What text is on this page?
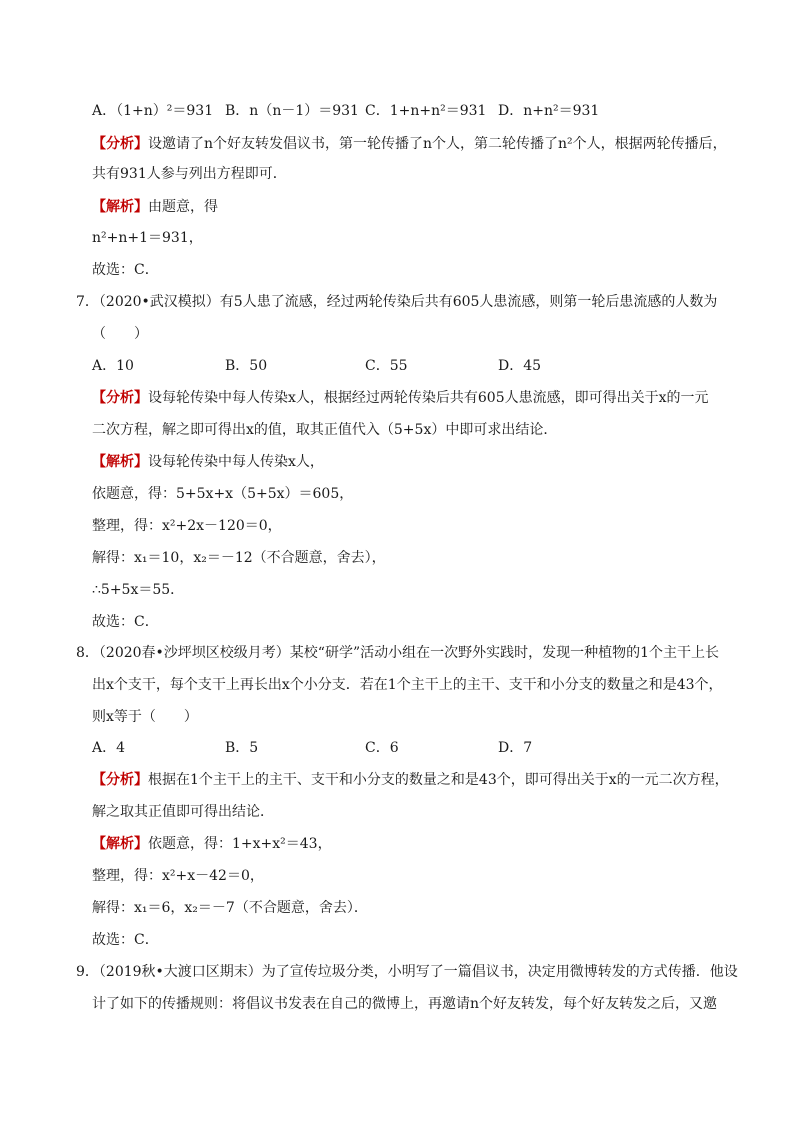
A．（1+n）²＝931 B．n（n－1）＝931 C．1+n+n²＝931 D．n+n²＝931
【分析】设邀请了n个好友转发倡议书，第一轮传播了n个人，第二轮传播了n²个人，根据两轮传播后，
共有931人参与列出方程即可．
【解析】由题意，得
n²+n+1＝931，
故选：C．
7．（2020•武汉模拟）有5人患了流感，经过两轮传染后共有605人患流感，则第一轮后患流感的人数为
（　　）
A．10	B．50	C．55	D．45
【分析】设每轮传染中每人传染x人，根据经过两轮传染后共有605人患流感，即可得出关于x的一元
二次方程，解之即可得出x的值，取其正值代入（5+5x）中即可求出结论．
【解析】设每轮传染中每人传染x人，
依题意，得：5+5x+x（5+5x）＝605，
整理，得：x²+2x－120＝0，
解得：x₁＝10，x₂＝－12（不合题意，舍去），
∴5+5x＝55．
故选：C．
8．（2020春•沙坪坝区校级月考）某校“研学”活动小组在一次野外实践时，发现一种植物的1个主干上长
出x个支干，每个支干上再长出x个小分支．若在1个主干上的主干、支干和小分支的数量之和是43个，
则x等于（　　）
A．4	B．5	C．6	D．7
【分析】根据在1个主干上的主干、支干和小分支的数量之和是43个，即可得出关于x的一元二次方程，
解之取其正值即可得出结论．
【解析】依题意，得：1+x+x²＝43，
整理，得：x²+x－42＝0，
解得：x₁＝6，x₂＝－7（不合题意，舍去）．
故选：C．
9．（2019秋•大渡口区期末）为了宣传垃圾分类，小明写了一篇倡议书，决定用微博转发的方式传播．他设
计了如下的传播规则：将倡议书发表在自己的微博上，再邀请n个好友转发，每个好友转发之后，又邀
